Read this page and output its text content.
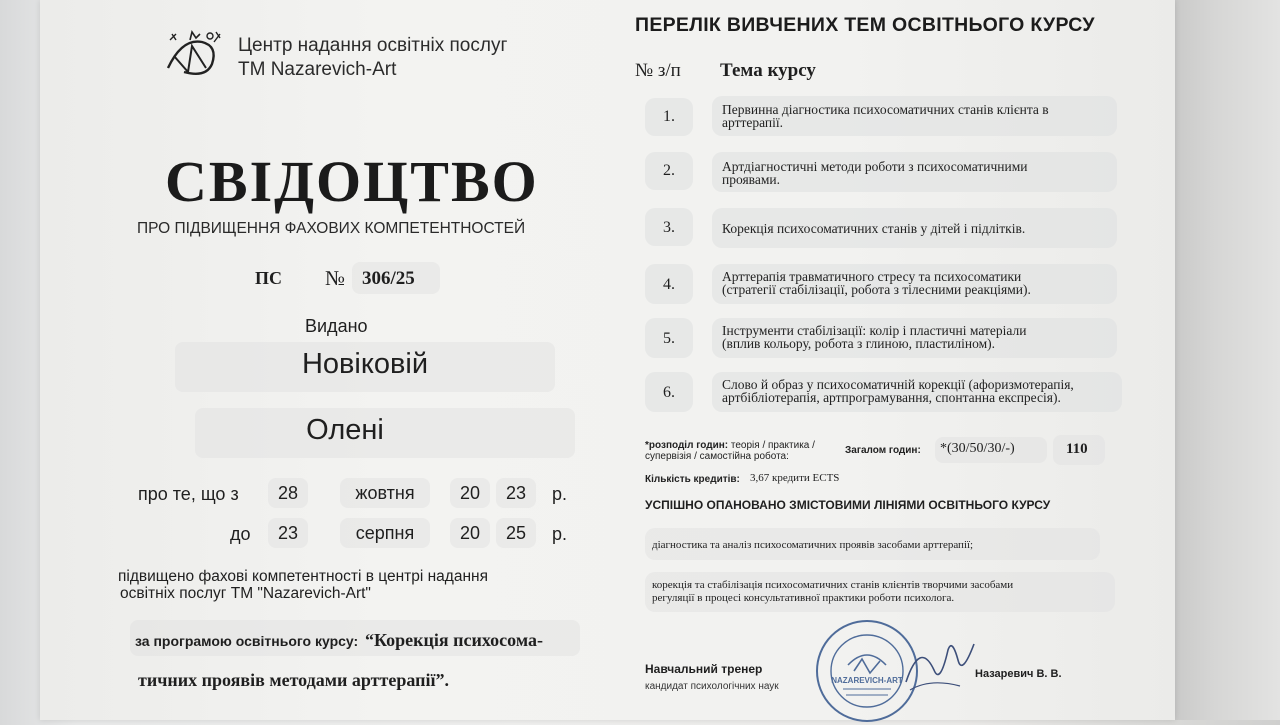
Центр надання освітніх послуг
ТМ Nazarevich-Art
СВІДОЦТВО
ПРО ПІДВИЩЕННЯ ФАХОВИХ КОМПЕТЕНТНОСТЕЙ
ПС № 306/25
Видано
Новіковій
Олені
про те, що з	28	жовтня	20	23	р.
до	23	серпня	20	25	р.
підвищено фахові компетентності в центрі надання
освітніх послуг ТМ "Nazarevich-Art"
за програмою освітнього курсу: “Корекція психосома-
тичних проявів методами арттерапії”.
ПЕРЕЛІК ВИВЧЕНИХ ТЕМ ОСВІТНЬОГО КУРСУ
№ з/п Тема курсу
1.	Первинна діагностика психосоматичних станів клієнта в
арттерапії.
2.	Артдіагностичні методи роботи з психосоматичними
проявами.
3.	Корекція психосоматичних станів у дітей і підлітків.
4.	Арттерапія травматичного стресу та психосоматики
(стратегії стабілізації, робота з тілесними реакціями).
5.	Інструменти стабілізації: колір і пластичні матеріали
(вплив кольору, робота з глиною, пластиліном).
6.	Слово й образ у психосоматичній корекції (афоризмотерапія,
артбібліотерапія, артпрограмування, спонтанна експресія).
*розподіл годин: теорія / практика /
супервізія / самостійна робота:
Загалом годин: *(30/50/30/-)	110
Кількість кредитів: 3,67 кредити ECTS
УСПІШНО ОПАНОВАНО ЗМІСТОВИМИ ЛІНІЯМИ ОСВІТНЬОГО КУРСУ
діагностика та аналіз психосоматичних проявів засобами арттерапії;
корекція та стабілізація психосоматичних станів клієнтів творчими засобами
регуляції в процесі консультативної практики роботи психолога.
Навчальний тренер
кандидат психологічних наук
Назаревич В. В.
NAZAREVICH-ART
